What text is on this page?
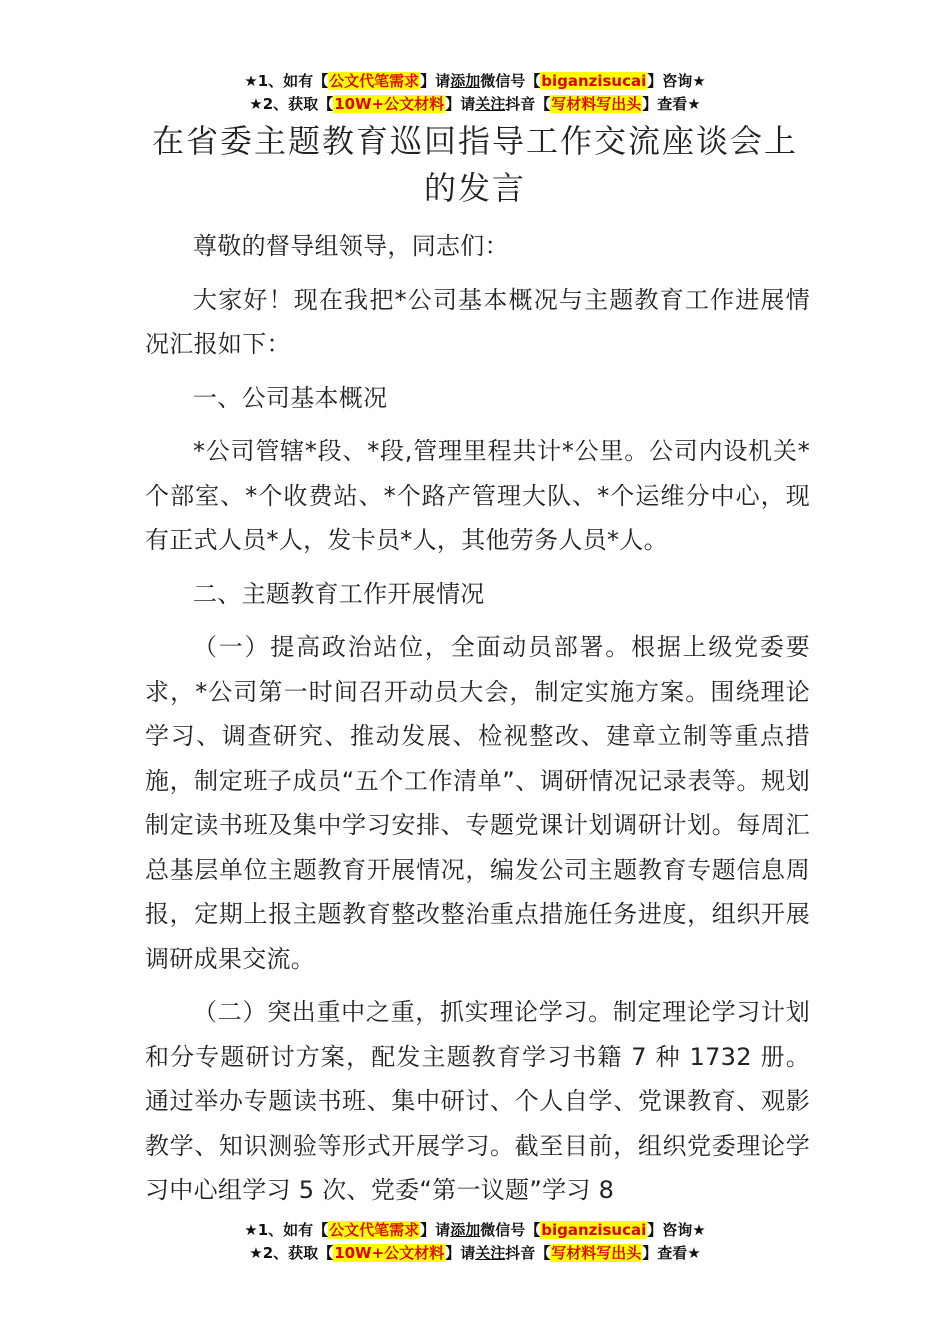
★1、如有【公文代笔需求】请添加微信号【biganzisucai】咨询★
★2、获取【10W+公文材料】请关注抖音【写材料写出头】查看★
在省委主题教育巡回指导工作交流座谈会上的发言

尊敬的督导组领导，同志们：

大家好！现在我把*公司基本概况与主题教育工作进展情况汇报如下：

一、公司基本概况

*公司管辖*段、*段,管理里程共计*公里。公司内设机关*个部室、*个收费站、*个路产管理大队、*个运维分中心，现有正式人员*人，发卡员*人，其他劳务人员*人。

二、主题教育工作开展情况

（一）提高政治站位，全面动员部署。根据上级党委要求，*公司第一时间召开动员大会，制定实施方案。围绕理论学习、调查研究、推动发展、检视整改、建章立制等重点措施，制定班子成员“五个工作清单”、调研情况记录表等。规划制定读书班及集中学习安排、专题党课计划调研计划。每周汇总基层单位主题教育开展情况，编发公司主题教育专题信息周报，定期上报主题教育整改整治重点措施任务进度，组织开展调研成果交流。

（二）突出重中之重，抓实理论学习。制定理论学习计划和分专题研讨方案，配发主题教育学习书籍 7 种 1732 册。通过举办专题读书班、集中研讨、个人自学、党课教育、观影教学、知识测验等形式开展学习。截至目前，组织党委理论学习中心组学习 5 次、党委“第一议题”学习 8

★1、如有【公文代笔需求】请添加微信号【biganzisucai】咨询★
★2、获取【10W+公文材料】请关注抖音【写材料写出头】查看★
